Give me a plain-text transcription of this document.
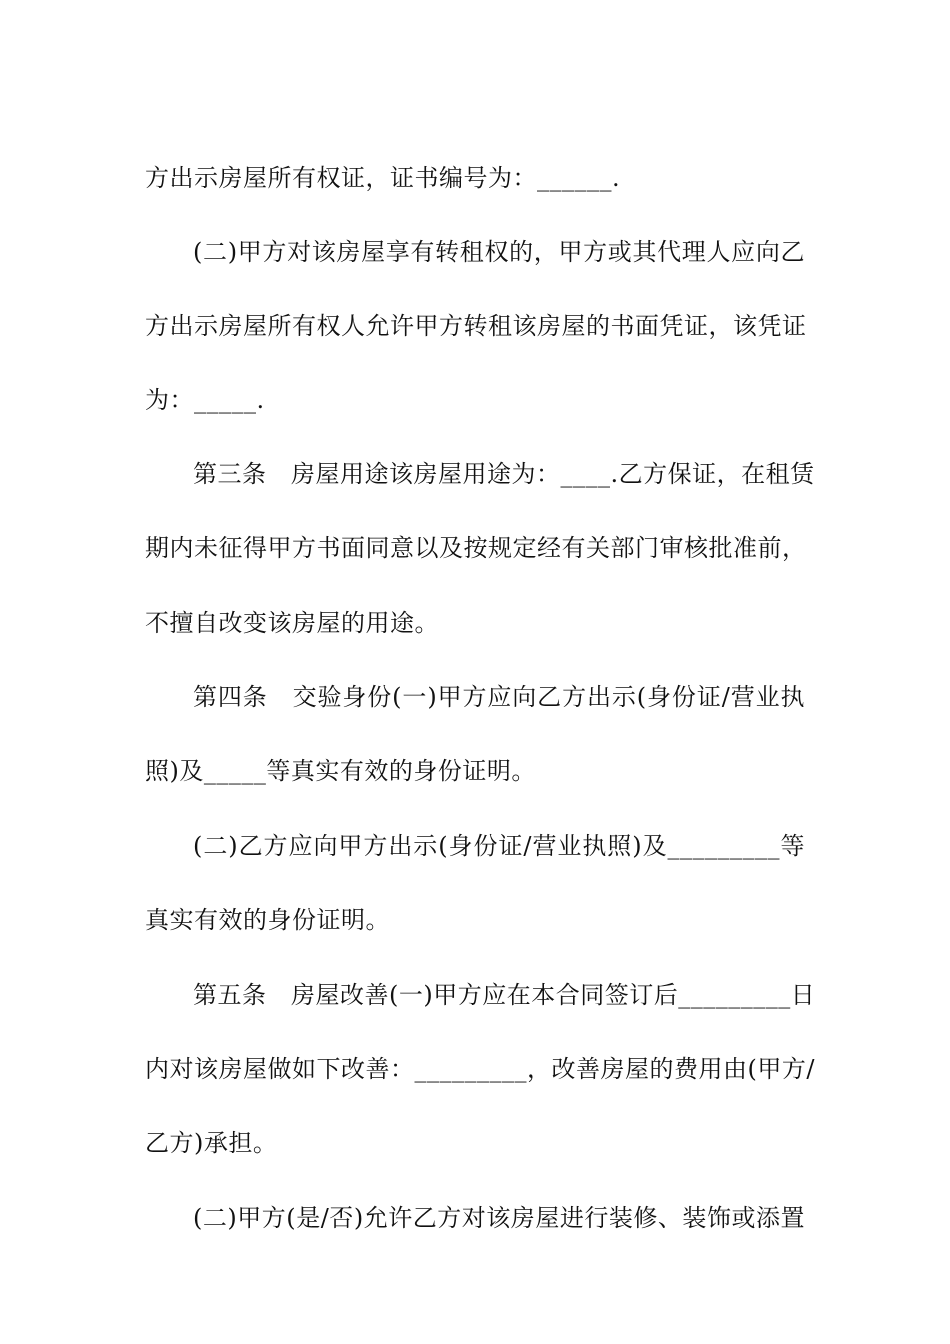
方出示房屋所有权证，证书编号为：______.

(二)甲方对该房屋享有转租权的，甲方或其代理人应向乙

方出示房屋所有权人允许甲方转租该房屋的书面凭证，该凭证

为：_____.

第三条　房屋用途该房屋用途为：____.乙方保证，在租赁

期内未征得甲方书面同意以及按规定经有关部门审核批准前，

不擅自改变该房屋的用途。

第四条　交验身份(一)甲方应向乙方出示(身份证/营业执

照)及_____等真实有效的身份证明。

(二)乙方应向甲方出示(身份证/营业执照)及_________等

真实有效的身份证明。

第五条　房屋改善(一)甲方应在本合同签订后_________日

内对该房屋做如下改善：_________，改善房屋的费用由(甲方/

乙方)承担。

(二)甲方(是/否)允许乙方对该房屋进行装修、装饰或添置
